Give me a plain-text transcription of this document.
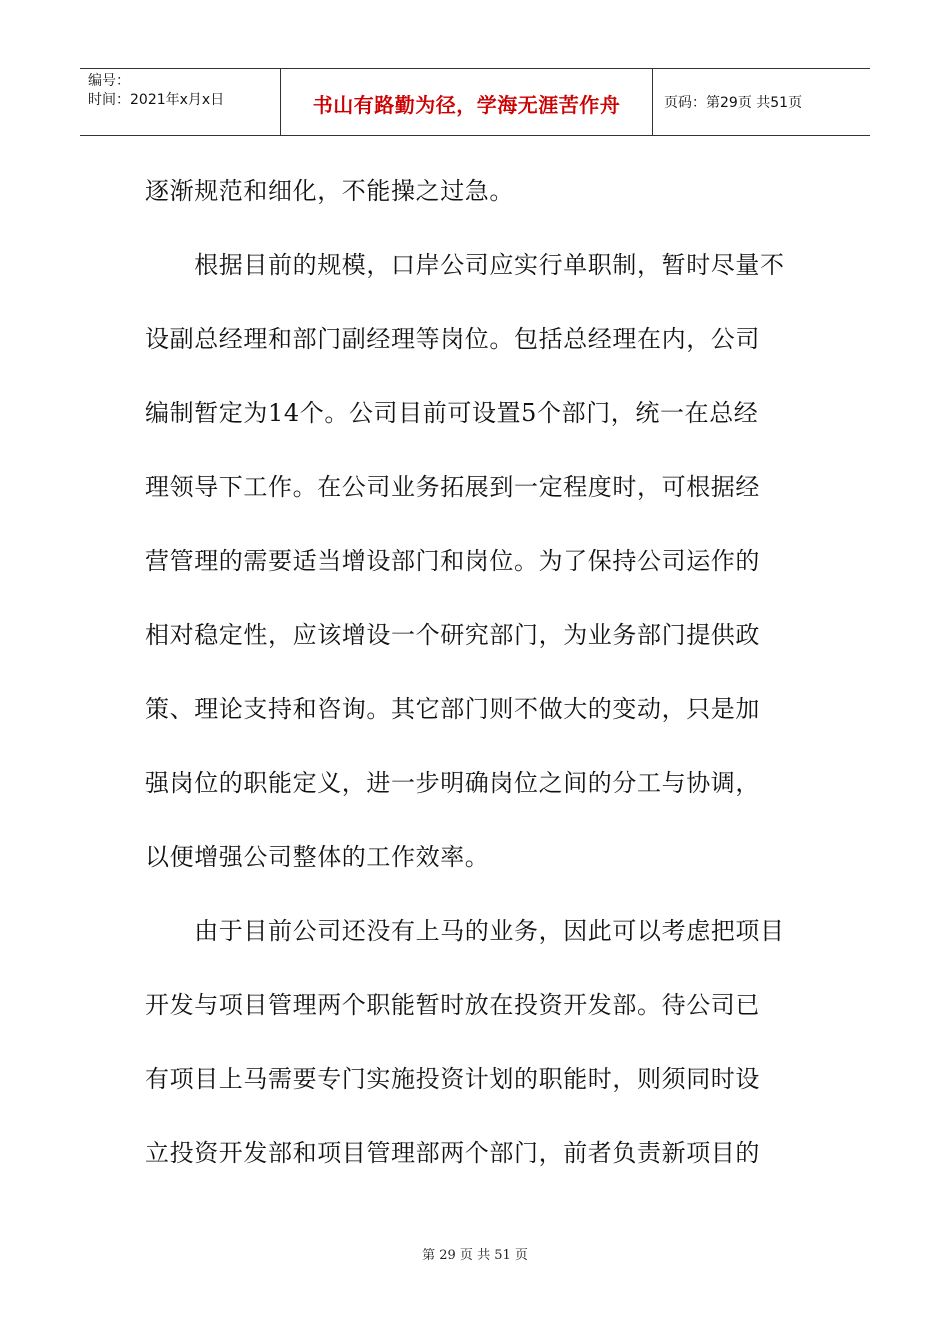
编号：
时间：2021年x月x日	书山有路勤为径，学海无涯苦作舟	页码：第29页 共51页
逐渐规范和细化，不能操之过急。
　　根据目前的规模，口岸公司应实行单职制，暂时尽量不
设副总经理和部门副经理等岗位。包括总经理在内，公司
编制暂定为14个。公司目前可设置5个部门，统一在总经
理领导下工作。在公司业务拓展到一定程度时，可根据经
营管理的需要适当增设部门和岗位。为了保持公司运作的
相对稳定性，应该增设一个研究部门，为业务部门提供政
策、理论支持和咨询。其它部门则不做大的变动，只是加
强岗位的职能定义，进一步明确岗位之间的分工与协调，
以便增强公司整体的工作效率。
　　由于目前公司还没有上马的业务，因此可以考虑把项目
开发与项目管理两个职能暂时放在投资开发部。待公司已
有项目上马需要专门实施投资计划的职能时，则须同时设
立投资开发部和项目管理部两个部门，前者负责新项目的
第 29 页 共 51 页
